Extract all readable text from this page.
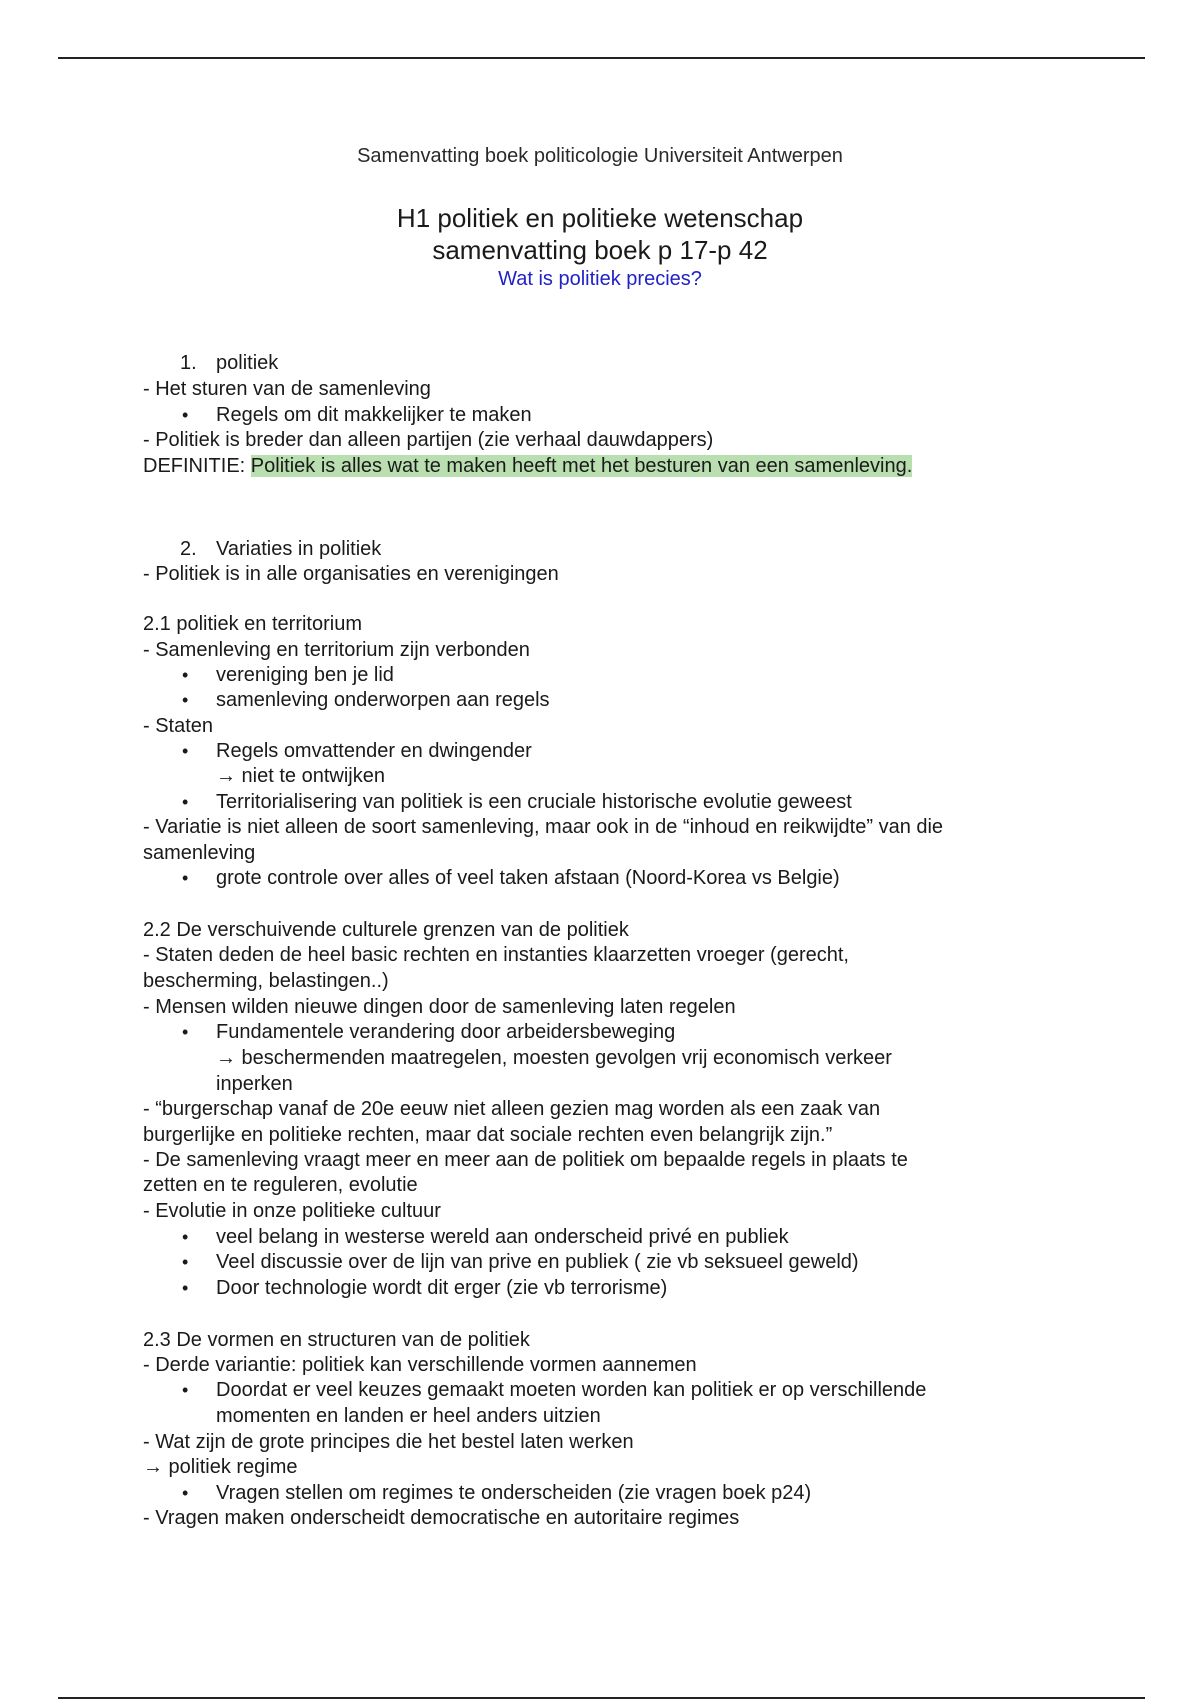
Samenvatting boek politicologie Universiteit Antwerpen
H1 politiek en politieke wetenschap
samenvatting boek p 17-p 42
Wat is politiek precies?
1. politiek
- Het sturen van de samenleving
• Regels om dit makkelijker te maken
- Politiek is breder dan alleen partijen (zie verhaal dauwdappers)
DEFINITIE: Politiek is alles wat te maken heeft met het besturen van een samenleving.
2. Variaties in politiek
- Politiek is in alle organisaties en verenigingen
2.1 politiek en territorium
- Samenleving en territorium zijn verbonden
• vereniging ben je lid
• samenleving onderworpen aan regels
- Staten
• Regels omvattender en dwingender
→ niet te ontwijken
• Territorialisering van politiek is een cruciale historische evolutie geweest
- Variatie is niet alleen de soort samenleving, maar ook in de “inhoud en reikwijdte” van die
samenleving
• grote controle over alles of veel taken afstaan (Noord-Korea vs Belgie)
2.2 De verschuivende culturele grenzen van de politiek
- Staten deden de heel basic rechten en instanties klaarzetten vroeger (gerecht,
bescherming, belastingen..)
- Mensen wilden nieuwe dingen door de samenleving laten regelen
• Fundamentele verandering door arbeidersbeweging
→ beschermenden maatregelen, moesten gevolgen vrij economisch verkeer
inperken
- “burgerschap vanaf de 20e eeuw niet alleen gezien mag worden als een zaak van
burgerlijke en politieke rechten, maar dat sociale rechten even belangrijk zijn.”
- De samenleving vraagt meer en meer aan de politiek om bepaalde regels in plaats te
zetten en te reguleren, evolutie
- Evolutie in onze politieke cultuur
• veel belang in westerse wereld aan onderscheid privé en publiek
• Veel discussie over de lijn van prive en publiek ( zie vb seksueel geweld)
• Door technologie wordt dit erger (zie vb terrorisme)
2.3 De vormen en structuren van de politiek
- Derde variantie: politiek kan verschillende vormen aannemen
• Doordat er veel keuzes gemaakt moeten worden kan politiek er op verschillende
momenten en landen er heel anders uitzien
- Wat zijn de grote principes die het bestel laten werken
→ politiek regime
• Vragen stellen om regimes te onderscheiden (zie vragen boek p24)
- Vragen maken onderscheidt democratische en autoritaire regimes
